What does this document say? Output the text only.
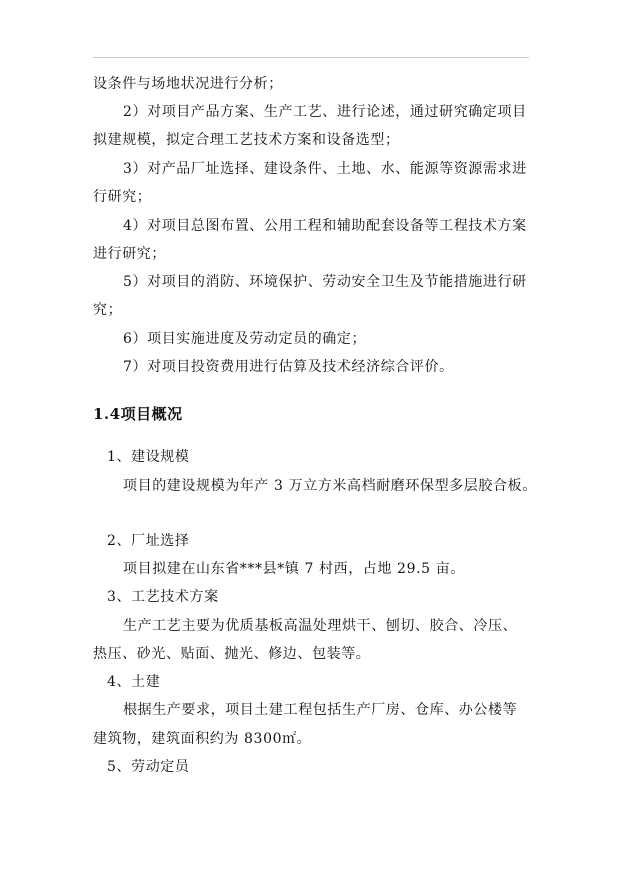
设条件与场地状况进行分析；
2）对项目产品方案、生产工艺、进行论述，通过研究确定项目
拟建规模，拟定合理工艺技术方案和设备选型；
3）对产品厂址选择、建设条件、土地、水、能源等资源需求进
行研究；
4）对项目总图布置、公用工程和辅助配套设备等工程技术方案
进行研究；
5）对项目的消防、环境保护、劳动安全卫生及节能措施进行研
究；
6）项目实施进度及劳动定员的确定；
7）对项目投资费用进行估算及技术经济综合评价。
1.4项目概况
1、建设规模
项目的建设规模为年产 3 万立方米高档耐磨环保型多层胶合板。
2、厂址选择
项目拟建在山东省***县*镇 7 村西，占地 29.5 亩。
3、工艺技术方案
生产工艺主要为优质基板高温处理烘干、刨切、胶合、冷压、
热压、砂光、贴面、抛光、修边、包装等。
4、土建
根据生产要求，项目土建工程包括生产厂房、仓库、办公楼等
建筑物，建筑面积约为 8300㎡。
5、劳动定员
